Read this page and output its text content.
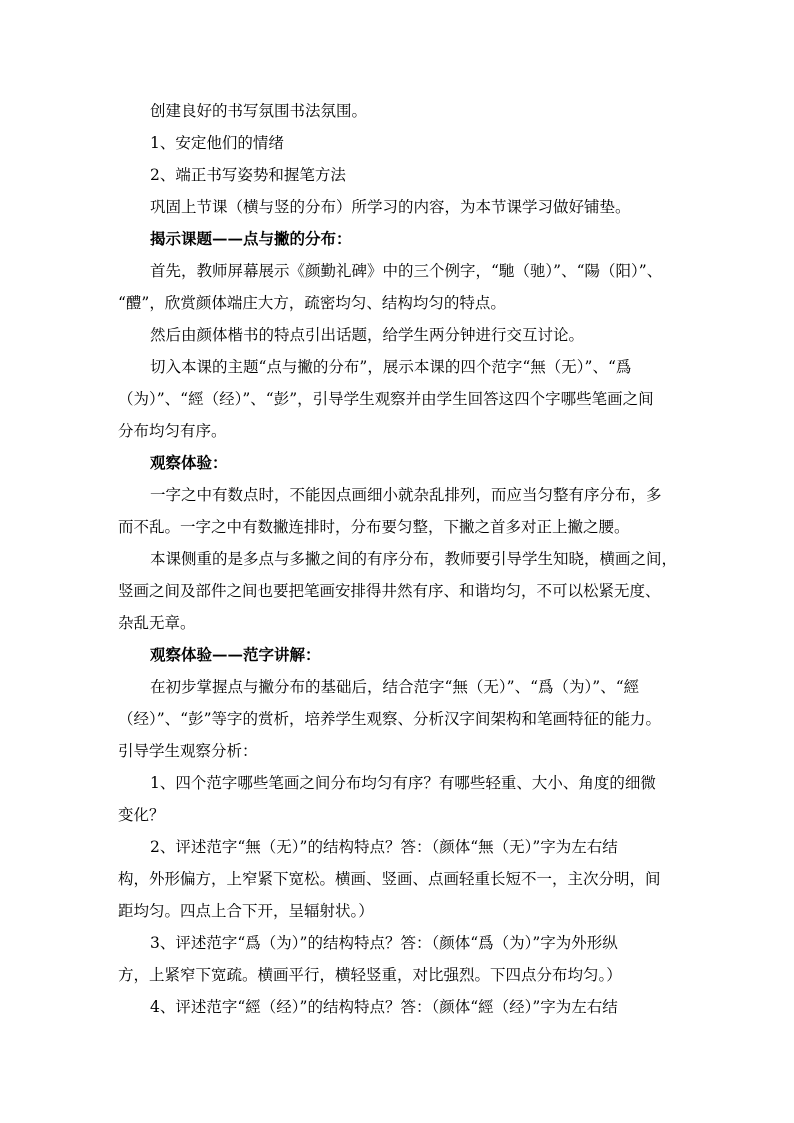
创建良好的书写氛围书法氛围。
1、安定他们的情绪
2、端正书写姿势和握笔方法
巩固上节课（横与竖的分布）所学习的内容，为本节课学习做好铺垫。
揭示课题——点与撇的分布：
首先，教师屏幕展示《颜勤礼碑》中的三个例字，“馳（驰）”、“陽（阳）”、
“醴”，欣赏颜体端庄大方，疏密均匀、结构均匀的特点。
然后由颜体楷书的特点引出话题，给学生两分钟进行交互讨论。
切入本课的主题“点与撇的分布”，展示本课的四个范字“無（无）”、“爲
（为）”、“經（经）”、“彭”，引导学生观察并由学生回答这四个字哪些笔画之间
分布均匀有序。
观察体验：
一字之中有数点时，不能因点画细小就杂乱排列，而应当匀整有序分布，多
而不乱。一字之中有数撇连排时，分布要匀整，下撇之首多对正上撇之腰。
本课侧重的是多点与多撇之间的有序分布，教师要引导学生知晓，横画之间，
竖画之间及部件之间也要把笔画安排得井然有序、和谐均匀，不可以松紧无度、
杂乱无章。
观察体验——范字讲解：
在初步掌握点与撇分布的基础后，结合范字“無（无）”、“爲（为）”、“經
（经）”、“彭”等字的赏析，培养学生观察、分析汉字间架构和笔画特征的能力。
引导学生观察分析：
1、四个范字哪些笔画之间分布均匀有序？有哪些轻重、大小、角度的细微
变化？
2、评述范字“無（无）”的结构特点？答：（颜体“無（无）”字为左右结
构，外形偏方，上窄紧下宽松。横画、竖画、点画轻重长短不一，主次分明，间
距均匀。四点上合下开，呈辐射状。）
3、评述范字“爲（为）”的结构特点？答：（颜体“爲（为）”字为外形纵
方，上紧窄下宽疏。横画平行，横轻竖重，对比强烈。下四点分布均匀。）
4、评述范字“經（经）”的结构特点？答：（颜体“經（经）”字为左右结
